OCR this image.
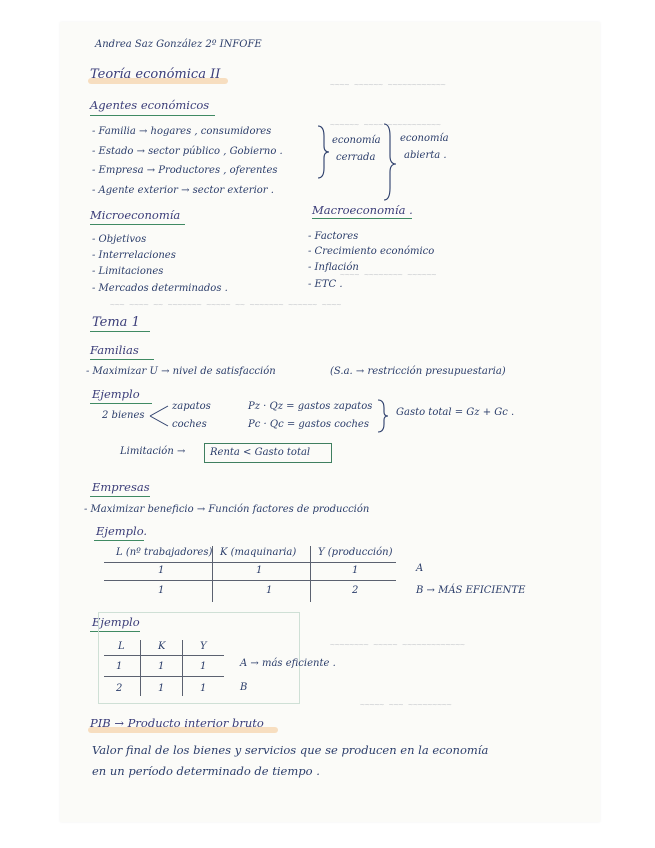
~~~~ ~~~~~~ ~~~~~~~~~~~~
~~~~~~ ~~~~ ~~~~~~~~~~~
~~~~ ~~~~~~~~ ~~~~~~
~~~ ~~~~ ~~ ~~~~~~~ ~~~~~ ~~ ~~~~~~~ ~~~~~~ ~~~~
~~~~~~~~ ~~~~~ ~~~~~~~~~~~~~
~~~~~ ~~~ ~~~~~~~~~
Andrea Saz González 2º INFOFE
Teoría económica II
Agentes económicos
- Familia → hogares , consumidores
- Estado → sector público , Gobierno .
- Empresa → Productores , oferentes
- Agente exterior → sector exterior .
economía
cerrada
economía
abierta .
Microeconomía
- Objetivos
- Interrelaciones
- Limitaciones
- Mercados determinados .
Macroeconomía .
- Factores
- Crecimiento económico
- Inflación
- ETC .
Tema 1
Familias
- Maximizar U → nivel de satisfacción	(S.a. → restricción presupuestaria)
Ejemplo
2 bienes
zapatos
coches
Pz · Qz = gastos zapatos
Pc · Qc = gastos coches
Gasto total = Gz + Gc .
Limitación → Renta < Gasto total
Empresas
- Maximizar beneficio → Función factores de producción
Ejemplo.
L (nº trabajadores) K (maquinaria) Y (producción)
1	1	1
1	1	2
A
B → MÁS EFICIENTE
Ejemplo
L	K	Y
1	1	1
2	1	1
A → más eficiente .
B
PIB → Producto interior bruto
Valor final de los bienes y servicios que se producen en la economía
en un período determinado de tiempo .
